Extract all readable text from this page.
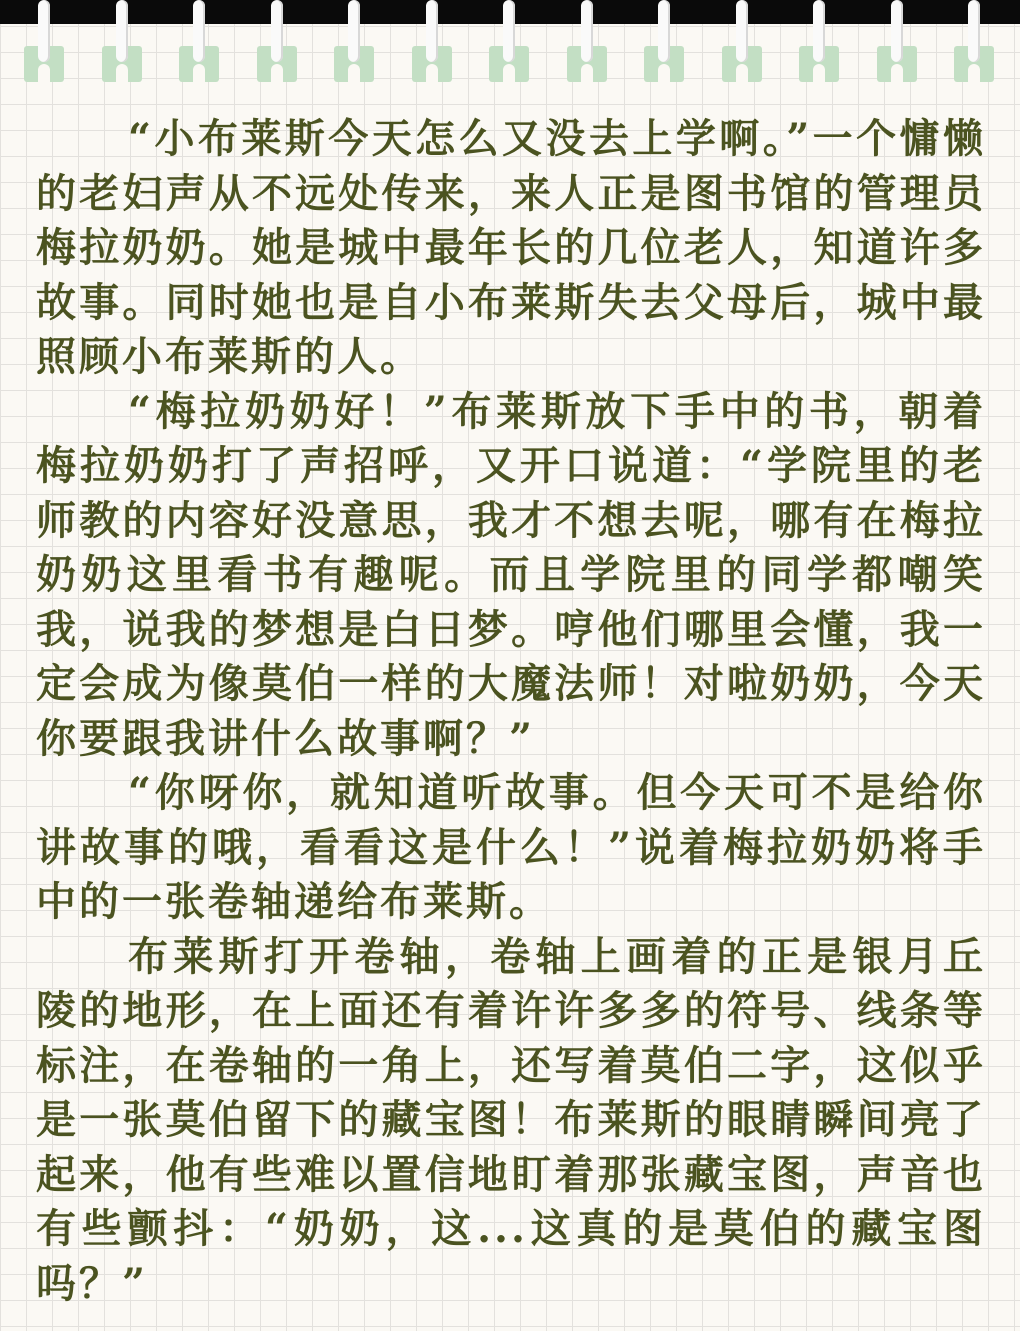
“小布莱斯今天怎么又没去上学啊。”一个慵懒的老妇声从不远处传来，来人正是图书馆的管理员梅拉奶奶。她是城中最年长的几位老人，知道许多故事。同时她也是自小布莱斯失去父母后，城中最照顾小布莱斯的人。

“梅拉奶奶好！”布莱斯放下手中的书，朝着梅拉奶奶打了声招呼，又开口说道：“学院里的老师教的内容好没意思，我才不想去呢，哪有在梅拉奶奶这里看书有趣呢。而且学院里的同学都嘲笑我，说我的梦想是白日梦。哼他们哪里会懂，我一定会成为像莫伯一样的大魔法师！对啦奶奶，今天你要跟我讲什么故事啊？”

“你呀你，就知道听故事。但今天可不是给你讲故事的哦，看看这是什么！”说着梅拉奶奶将手中的一张卷轴递给布莱斯。

布莱斯打开卷轴，卷轴上画着的正是银月丘陵的地形，在上面还有着许许多多的符号、线条等标注，在卷轴的一角上，还写着莫伯二字，这似乎是一张莫伯留下的藏宝图！布莱斯的眼睛瞬间亮了起来，他有些难以置信地盯着那张藏宝图，声音也有些颤抖：“奶奶，这...这真的是莫伯的藏宝图吗？”
